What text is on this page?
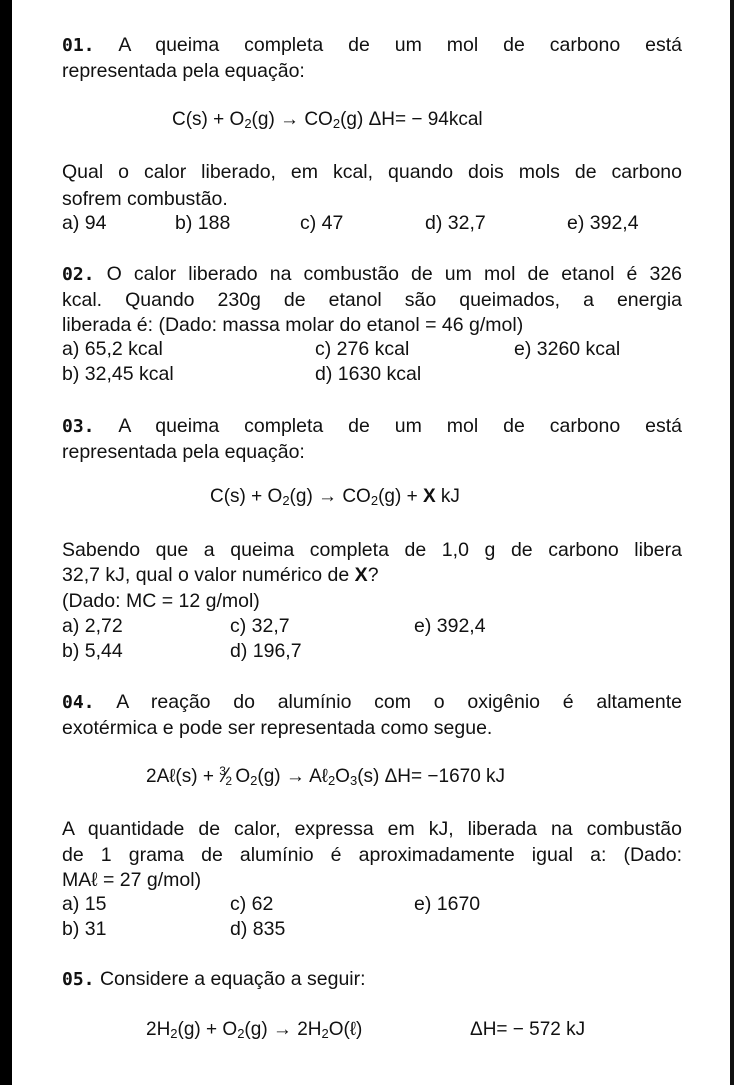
01. A queima completa de um mol de carbono está
representada pela equação:
$C(s) + O_2(g) \to CO_2(g) \Delta H=$ − 94kcal
Qual o calor liberado, em kcal, quando dois mols de carbono
sofrem combustão.
a) 94	b) 188	c) 47	d) 32,7	e) 392,4
02. O calor liberado na combustão de um mol de etanol é 326
kcal. Quando 230g de etanol são queimados, a energia
liberada é: (Dado: massa molar do etanol = 46 g/mol)
a) 65,2 kcal	c) 276 kcal	e) 3260 kcal
b) 32,45 kcal	d) 1630 kcal
03. A queima completa de um mol de carbono está
representada pela equação:
$C(s) + O_2(g) \to CO_2(g) + X$ kJ
Sabendo que a queima completa de 1,0 g de carbono libera
32,7 kJ, qual o valor numérico de X?
(Dado: MC = 12 g/mol)
a) 2,72	c) 32,7	e) 392,4
b) 5,44	d) 196,7
04. A reação do alumínio com o oxigênio é altamente
exotérmica e pode ser representada como segue.
2Aℓ(s) + $^3⁄_2$ $O_2(g)$ → $A\ell_2O_3(s)$ ΔH= −1670 kJ
A quantidade de calor, expressa em kJ, liberada na combustão
de 1 grama de alumínio é aproximadamente igual a: (Dado:
MAℓ = 27 g/mol)
a) 15	c) 62	e) 1670
b) 31	d) 835
05. Considere a equação a seguir:
$2H_2(g) + O_2(g)$ → $2H_2O(\ell)$	ΔH= − 572 kJ
